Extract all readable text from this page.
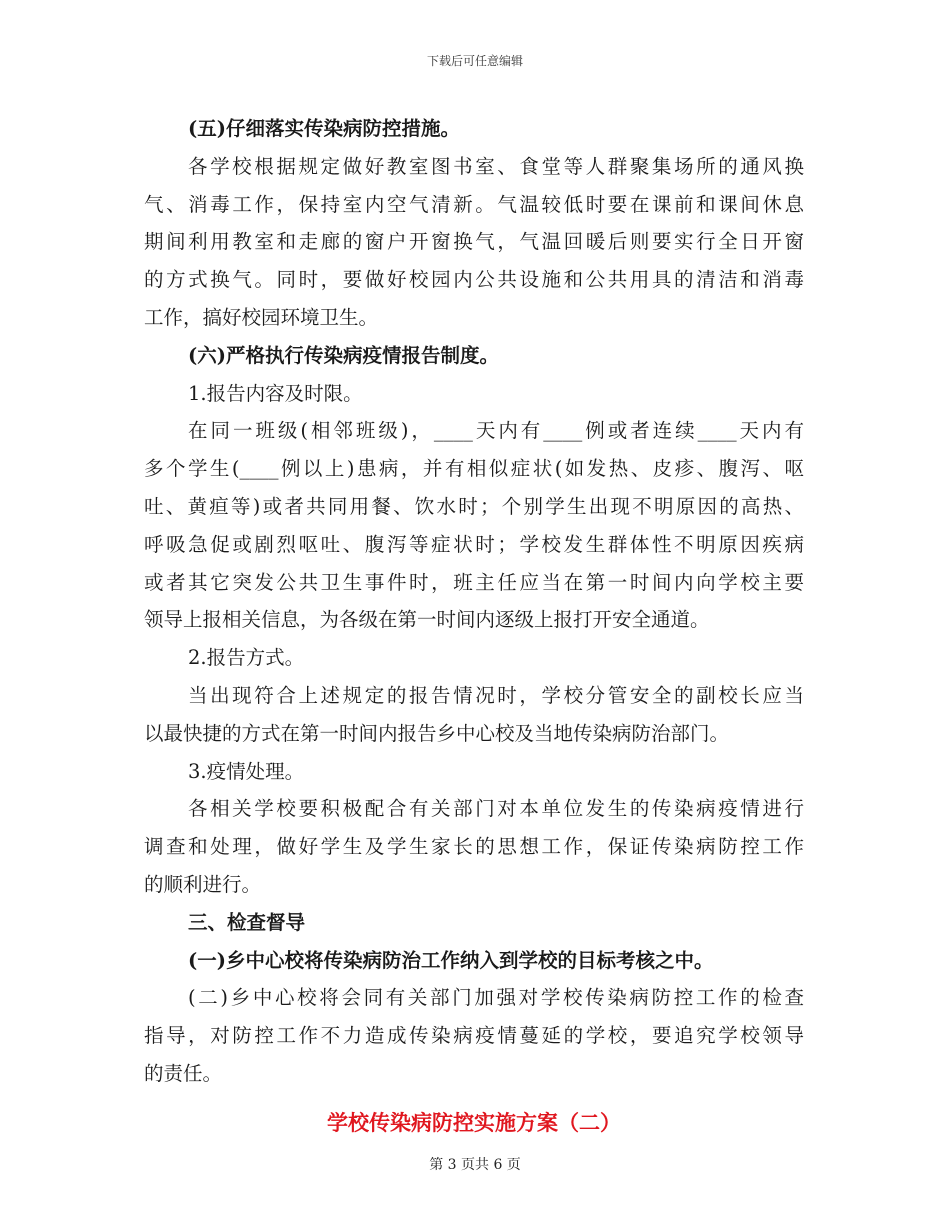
下载后可任意编辑
(五)仔细落实传染病防控措施。
各学校根据规定做好教室图书室、食堂等人群聚集场所的通风换
气、消毒工作，保持室内空气清新。气温较低时要在课前和课间休息
期间利用教室和走廊的窗户开窗换气，气温回暖后则要实行全日开窗
的方式换气。同时，要做好校园内公共设施和公共用具的清洁和消毒
工作，搞好校园环境卫生。
(六)严格执行传染病疫情报告制度。
1.报告内容及时限。
在同一班级(相邻班级)，____天内有____例或者连续____天内有
多个学生(____例以上)患病，并有相似症状(如发热、皮疹、腹泻、呕
吐、黄疸等)或者共同用餐、饮水时；个别学生出现不明原因的高热、
呼吸急促或剧烈呕吐、腹泻等症状时；学校发生群体性不明原因疾病
或者其它突发公共卫生事件时，班主任应当在第一时间内向学校主要
领导上报相关信息，为各级在第一时间内逐级上报打开安全通道。
2.报告方式。
当出现符合上述规定的报告情况时，学校分管安全的副校长应当
以最快捷的方式在第一时间内报告乡中心校及当地传染病防治部门。
3.疫情处理。
各相关学校要积极配合有关部门对本单位发生的传染病疫情进行
调查和处理，做好学生及学生家长的思想工作，保证传染病防控工作
的顺利进行。
三、检查督导
(一)乡中心校将传染病防治工作纳入到学校的目标考核之中。
(二)乡中心校将会同有关部门加强对学校传染病防控工作的检查
指导，对防控工作不力造成传染病疫情蔓延的学校，要追究学校领导
的责任。
学校传染病防控实施方案（二）
第 3 页共 6 页
